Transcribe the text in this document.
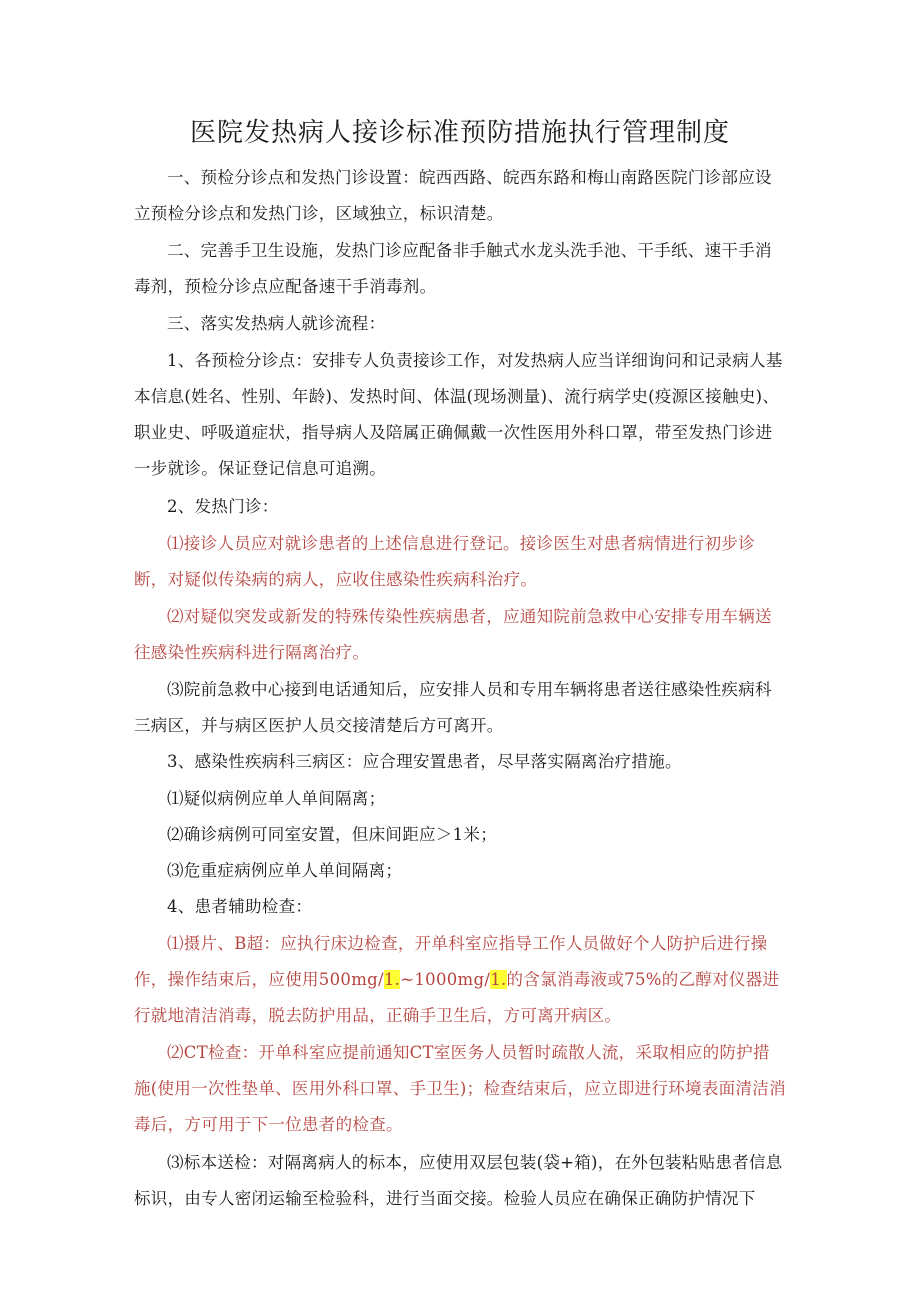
医院发热病人接诊标准预防措施执行管理制度

一、预检分诊点和发热门诊设置：皖西西路、皖西东路和梅山南路医院门诊部应设立预检分诊点和发热门诊，区域独立，标识清楚。

二、完善手卫生设施，发热门诊应配备非手触式水龙头洗手池、干手纸、速干手消毒剂，预检分诊点应配备速干手消毒剂。

三、落实发热病人就诊流程：

1、各预检分诊点：安排专人负责接诊工作，对发热病人应当详细询问和记录病人基本信息(姓名、性别、年龄)、发热时间、体温(现场测量)、流行病学史(疫源区接触史)、职业史、呼吸道症状，指导病人及陪属正确佩戴一次性医用外科口罩，带至发热门诊进一步就诊。保证登记信息可追溯。

2、发热门诊：

⑴接诊人员应对就诊患者的上述信息进行登记。接诊医生对患者病情进行初步诊断，对疑似传染病的病人，应收住感染性疾病科治疗。

⑵对疑似突发或新发的特殊传染性疾病患者，应通知院前急救中心安排专用车辆送往感染性疾病科进行隔离治疗。

⑶院前急救中心接到电话通知后，应安排人员和专用车辆将患者送往感染性疾病科三病区，并与病区医护人员交接清楚后方可离开。

3、感染性疾病科三病区：应合理安置患者，尽早落实隔离治疗措施。

⑴疑似病例应单人单间隔离；

⑵确诊病例可同室安置，但床间距应＞1米；

⑶危重症病例应单人单间隔离；

4、患者辅助检查：

⑴摄片、B超：应执行床边检查，开单科室应指导工作人员做好个人防护后进行操作，操作结束后，应使用500mg/1.~1000mg/1.的含氯消毒液或75%的乙醇对仪器进行就地清洁消毒，脱去防护用品，正确手卫生后，方可离开病区。

⑵CT检查：开单科室应提前通知CT室医务人员暂时疏散人流，采取相应的防护措施(使用一次性垫单、医用外科口罩、手卫生)；检查结束后，应立即进行环境表面清洁消毒后，方可用于下一位患者的检查。

⑶标本送检：对隔离病人的标本，应使用双层包装(袋+箱)，在外包装粘贴患者信息标识，由专人密闭运输至检验科，进行当面交接。检验人员应在确保正确防护情况下
